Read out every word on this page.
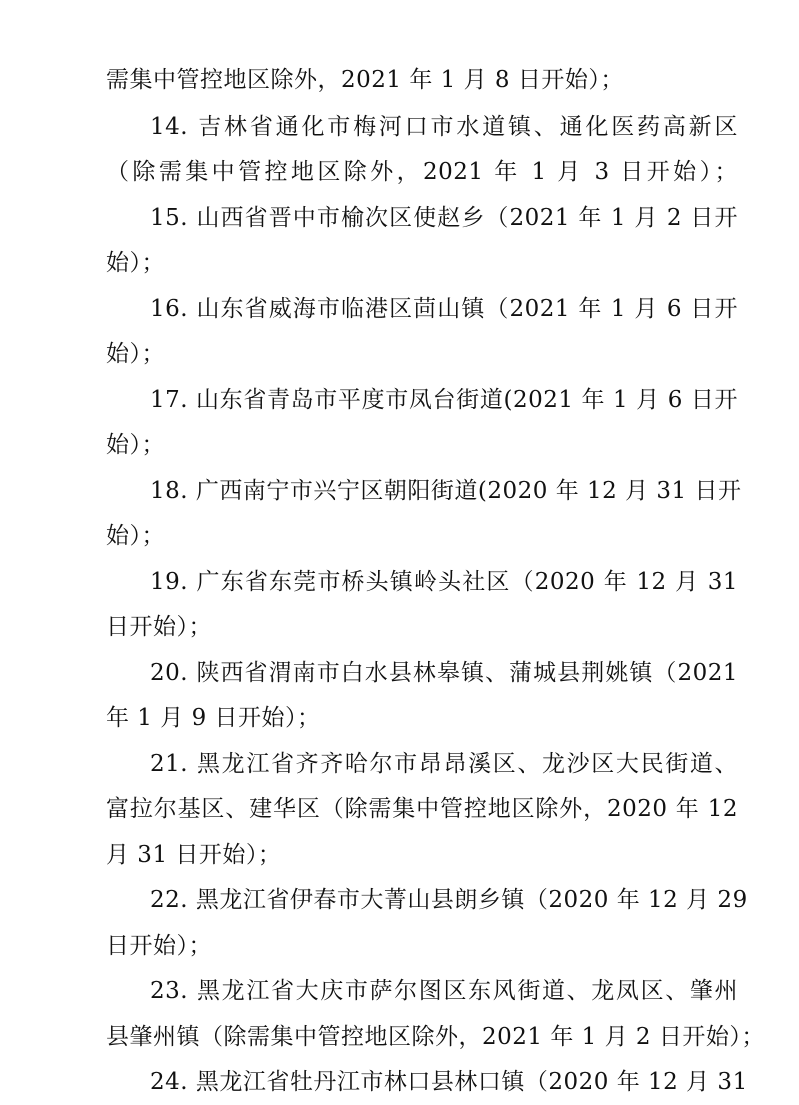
需集中管控地区除外，2021 年 1 月 8 日开始）；
14. 吉林省通化市梅河口市水道镇、通化医药高新区
（除需集中管控地区除外，2021 年 1 月 3 日开始）；
15. 山西省晋中市榆次区使赵乡（2021 年 1 月 2 日开
始）；
16. 山东省威海市临港区茴山镇（2021 年 1 月 6 日开
始）；
17. 山东省青岛市平度市凤台街道(2021 年 1 月 6 日开
始）；
18. 广西南宁市兴宁区朝阳街道(2020 年 12 月 31 日开
始）；
19. 广东省东莞市桥头镇岭头社区（2020 年 12 月 31
日开始）；
20. 陕西省渭南市白水县林皋镇、蒲城县荆姚镇（2021
年 1 月 9 日开始）；
21. 黑龙江省齐齐哈尔市昂昂溪区、龙沙区大民街道、
富拉尔基区、建华区（除需集中管控地区除外，2020 年 12
月 31 日开始）；
22. 黑龙江省伊春市大菁山县朗乡镇（2020 年 12 月 29
日开始）；
23. 黑龙江省大庆市萨尔图区东风街道、龙凤区、肇州
县肇州镇（除需集中管控地区除外，2021 年 1 月 2 日开始）；
24. 黑龙江省牡丹江市林口县林口镇（2020 年 12 月 31
